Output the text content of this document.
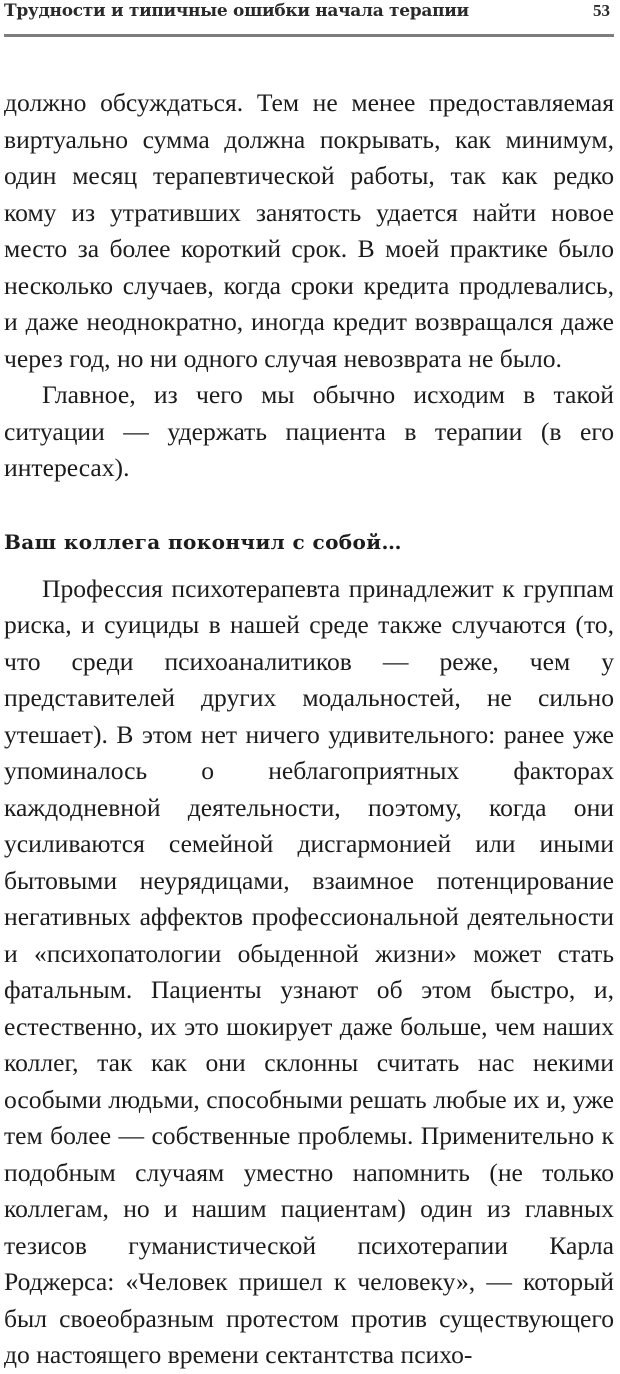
Трудности и типичные ошибки начала терапии	53

должно обсуждаться. Тем не менее предоставляемая виртуально сумма должна покрывать, как минимум, один месяц терапевтической работы, так как редко кому из утративших занятость удается найти новое место за более короткий срок. В моей практике было несколько случаев, когда сроки кредита продлевались, и даже неоднократно, иногда кредит возвращался даже через год, но ни одного случая невозврата не было.

Главное, из чего мы обычно исходим в такой ситуации — удержать пациента в терапии (в его интересах).

Ваш коллега покончил с собой…

Профессия психотерапевта принадлежит к группам риска, и суициды в нашей среде также случаются (то, что среди психоаналитиков — реже, чем у представителей других модальностей, не сильно утешает). В этом нет ничего удивительного: ранее уже упоминалось о неблагоприятных факторах каждодневной деятельности, поэтому, когда они усиливаются семейной дисгармонией или иными бытовыми неурядицами, взаимное потенцирование негативных аффектов профессиональной деятельности и «психопатологии обыденной жизни» может стать фатальным. Пациенты узнают об этом быстро, и, естественно, их это шокирует даже больше, чем наших коллег, так как они склонны считать нас некими особыми людьми, способными решать любые их и, уже тем более — собственные проблемы. Применительно к подобным случаям уместно напомнить (не только коллегам, но и нашим пациентам) один из главных тезисов гуманистической психотерапии Карла Роджерса: «Человек пришел к человеку», — который был своеобразным протестом против существующего до настоящего времени сектантства психо-
